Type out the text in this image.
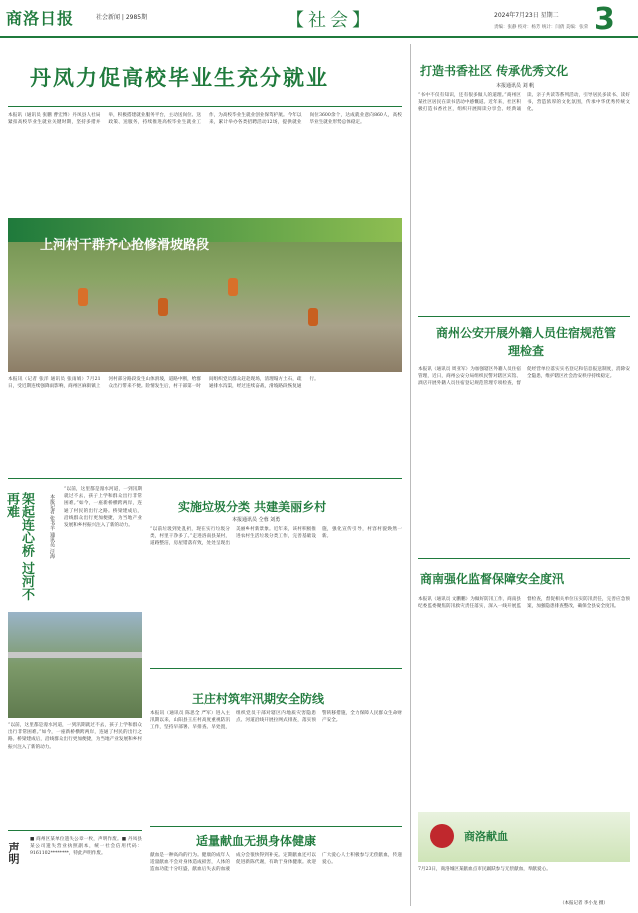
商洛日报	社会新闻 | 2985期	【社会】	2024年7月23日 星期二
责编：张静 校对：杨芳 统计：闫倩 美编：张荣 3
丹凤力促高校毕业生充分就业
本报讯（通讯员 张鹏 曹宏博）丹凤县人社局紧扣高校毕业生就业关键时期，坚持多措并举，积极搭建就业服务平台，主动送岗位、送政策、送服务，持续推进高校毕业生就业工作，为高校毕业生就业创业保驾护航。今年以来，累计举办各类招聘活动12场，提供就业岗位3600余个，达成就业意向860人，高校毕业生就业形势总体稳定。
上河村干群齐心抢修滑坡路段
本报讯（记者 张洋 通讯员 张雨娟）7月21日，受近期连续强降雨影响，商州区麻街镇上河村部分路段发生山体滑坡，道路中断，给群众出行带来不便。险情发生后，村干部第一时间组织党员群众赶赴现场，清理塌方土石，疏通排水沟渠，经过连续奋战，滑坡路段恢复通行。
架起连心桥 过河不再难	本报记者 张书羊 通讯员 汪海
“以前，这里都是漫水河道，一到汛期就过不去，孩子上学和群众出行非常困难。”如今，一座新桥横跨两岸，连通了村民的出行之路。桥梁建成后，沿线群众出行更加便捷，为当地产业发展和乡村振兴注入了新的动力。
“以前，这里都是漫水河道，一到汛期就过不去，孩子上学和群众出行非常困难。”如今，一座新桥横跨两岸，连通了村民的出行之路。桥梁建成后，沿线群众出行更加便捷，为当地产业发展和乡村振兴注入了新的动力。
实施垃圾分类 共建美丽乡村
本报通讯员 仝蓉 刘勇
“以前垃圾到处乱扔，现在实行垃圾分类，村里干净多了。”走进洛南县某村，道路整洁，房屋错落有致，处处呈现出美丽乡村新景象。近年来，该村积极推进农村生活垃圾分类工作，完善基础设施，强化宣传引导，村容村貌焕然一新。
王庄村筑牢汛期安全防线
本报讯（通讯员 陈思全 严军）进入主汛期以来，山阳县王庄村高度重视防汛工作，坚持早部署、早排查、早处置，组织党员干部对辖区内地质灾害隐患点、河道沿线开展拉网式排查，落实预警转移措施，全力保障人民群众生命财产安全。
声明
■ 商州区某单位遗失公章一枚，声明作废。■ 丹凤县某公司遗失营业执照副本，统一社会信用代码：9161102********，特此声明作废。
适量献血无损身体健康
献血是一种高尚的行为。健康的成年人适量献血不会对身体造成损害，人体的造血功能十分旺盛，献血后失去的血液成分会很快得到补充。定期献血还可以促进新陈代谢，有助于身体健康。欢迎广大爱心人士积极参与无偿献血，传递爱心。
打造书香社区 传承优秀文化
本报通讯员 刘 帆
“书中不仅有知识，还有很多做人的道理。”商州区某社区居民在读书活动中感慨道。近年来，社区积极打造书香社区，组织开展阅读分享会、经典诵读、亲子共读等系列活动，引导居民多读书、读好书，营造浓厚的文化氛围，传承中华优秀传统文化。
商州公安开展外籍人员住宿规范管理检查
本报讯（通讯员 周亚军）为加强辖区外籍人员住宿管理，近日，商州公安分局组织民警对辖区宾馆、酒店开展外籍人员住宿登记规范管理专项检查，督促经营单位落实实名登记和信息报送制度，消除安全隐患，维护辖区社会治安秩序持续稳定。
商南强化监督保障安全度汛
本报讯（通讯员 文鹏鹏）为做好防汛工作，商南县纪委监委聚焦防汛救灾责任落实，深入一线开展监督检查，督促相关单位压实防汛责任，完善应急预案，加强隐患排查整改，确保全县安全度汛。
商洛献血
7月23日，商洛城区某献血点市民踊跃参与无偿献血，奉献爱心。
（本报记者 李小龙 摄）
